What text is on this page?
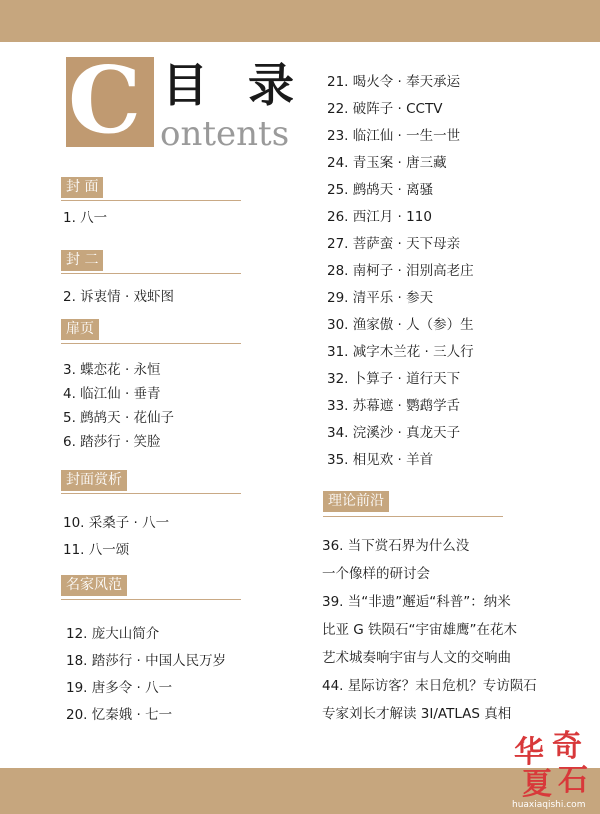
C 目 录
ontents
封 面
1. 八一
封 二
2. 诉衷情 · 戏虾图
扉页
3. 蝶恋花 · 永恒
4. 临江仙 · 垂青
5. 鹧鸪天 · 花仙子
6. 踏莎行 · 笑脸
封面赏析
10. 采桑子 · 八一
11. 八一颂
名家风范
12. 庞大山简介
18. 踏莎行 · 中国人民万岁
19. 唐多令 · 八一
20. 忆秦娥 · 七一
21. 喝火令 · 奉天承运
22. 破阵子 · CCTV
23. 临江仙 · 一生一世
24. 青玉案 · 唐三藏
25. 鹧鸪天 · 离骚
26. 西江月 · 110
27. 菩萨蛮 · 天下母亲
28. 南柯子 · 泪别高老庄
29. 清平乐 · 参天
30. 渔家傲 · 人（参）生
31. 减字木兰花 · 三人行
32. 卜算子 · 道行天下
33. 苏幕遮 · 鹦鹉学舌
34. 浣溪沙 · 真龙天子
35. 相见欢 · 羊首
理论前沿
36. 当下赏石界为什么没
一个像样的研讨会
39. 当“非遗”邂逅“科普”：纳米
比亚 G 铁陨石“宇宙雄鹰”在花木
艺术城奏响宇宙与人文的交响曲
44. 星际访客？末日危机？专访陨石
专家刘长才解读 3I/ATLAS 真相
华 奇
夏 石
huaxiaqishi.com
